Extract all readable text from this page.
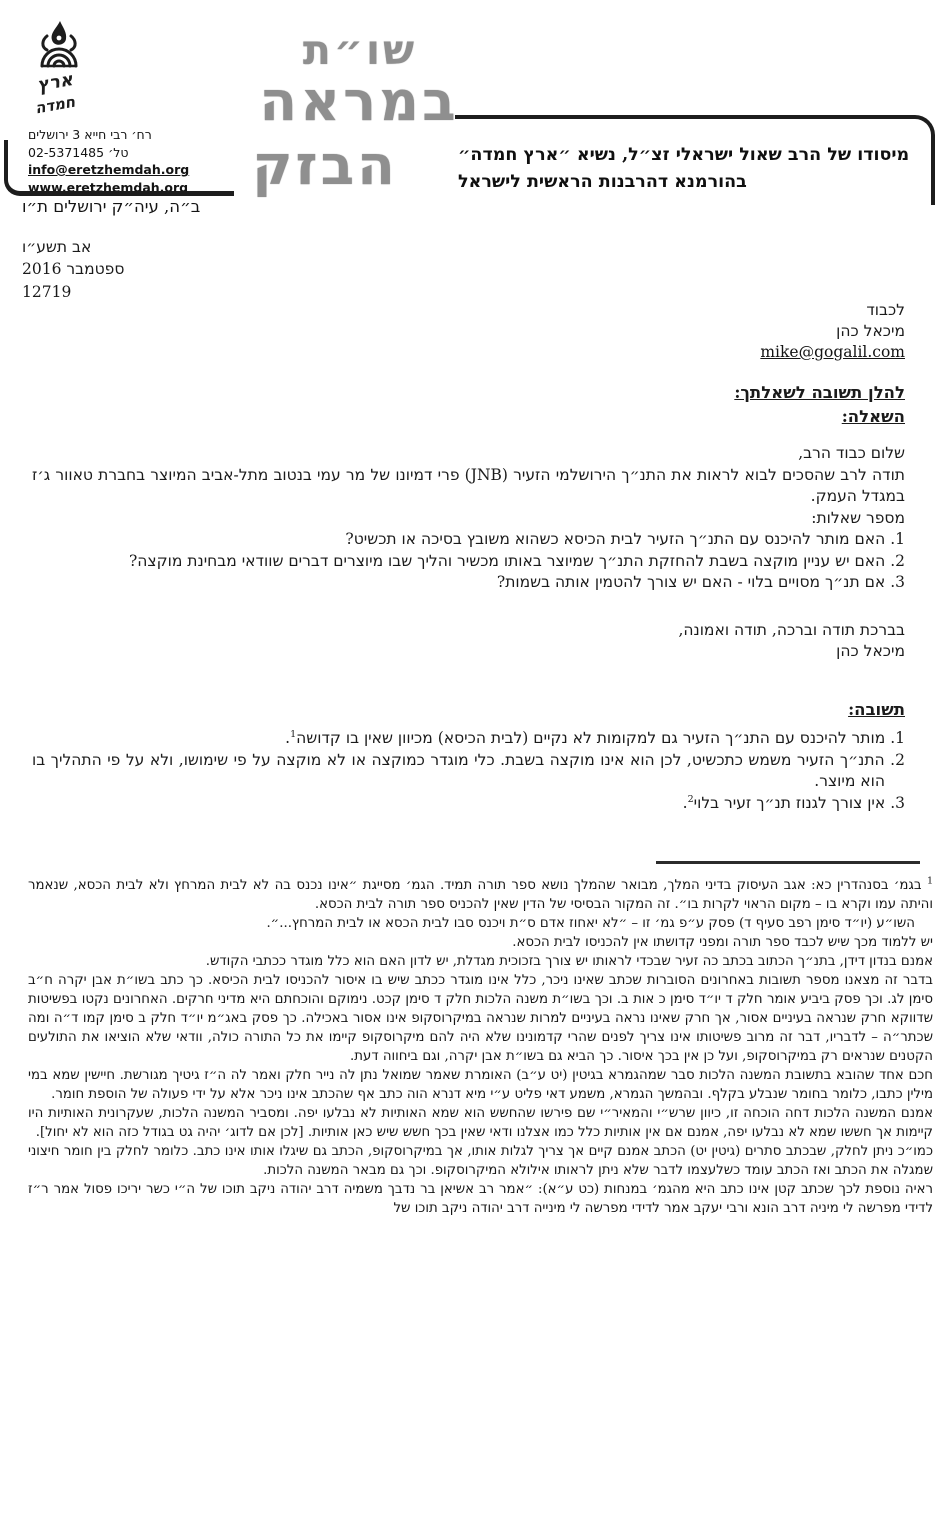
ארץ
חמדה
רח׳ רבי חייא 3 ירושלים
טל׳ 02-5371485
info@eretzhemdah.org
www.eretzhemdah.org
ב״ה, עיה״ק ירושלים ת״ו
שו״ת
במראה
הבזק	מיסודו של הרב שאול ישראלי זצ״ל, נשיא ״ארץ חמדה״
בהורמנא דהרבנות הראשית לישראל
אב תשע״ו
ספטמבר 2016
12719
לכבוד
מיכאל כהן
mike@gogalil.com
להלן תשובה לשאלתך:
השאלה:
שלום כבוד הרב,
תודה לרב שהסכים לבוא לראות את התנ״ך הירושלמי הזעיר (JNB) פרי דמיונו של מר עמי בנטוב מתל-אביב המיוצר בחברת טאוור ג׳ז במגדל העמק.
מספר שאלות:
1. האם מותר להיכנס עם התנ״ך הזעיר לבית הכיסא כשהוא משובץ בסיכה או תכשיט?
2. האם יש עניין מוקצה בשבת להחזקת התנ״ך שמיוצר באותו מכשיר והליך שבו מיוצרים דברים שוודאי מבחינת מוקצה?
3. אם תנ״ך מסויים בלוי - האם יש צורך להטמין אותה בשמות?
בברכת תודה וברכה, תודה ואמונה,
מיכאל כהן
תשובה:
1. מותר להיכנס עם התנ״ך הזעיר גם למקומות לא נקיים (לבית הכיסא) מכיוון שאין בו קדושה$^1$.
2. התנ״ך הזעיר משמש כתכשיט, לכן הוא אינו מוקצה בשבת. כלי מוגדר כמוקצה או לא מוקצה על פי שימושו, ולא על פי התהליך בו הוא מיוצר.
3. אין צורך לגנוז תנ״ך זעיר בלוי$^2$.

$^1$ בגמ׳ בסנהדרין כא: אגב העיסוק בדיני המלך, מבואר שהמלך נושא ספר תורה תמיד. הגמ׳ מסייגת ״אינו נכנס בה לא לבית המרחץ ולא לבית הכסא, שנאמר והיתה עמו וקרא בו – מקום הראוי לקרות בו״. זה המקור הבסיסי של הדין שאין להכניס ספר תורה לבית הכסא.

השו״ע (יו״ד סימן רפב סעיף ד) פסק ע״פ גמ׳ זו – ״לא יאחוז אדם ס״ת ויכנס סבו לבית הכסא או לבית המרחץ...״.

יש ללמוד מכך שיש לכבד ספר תורה ומפני קדושתו אין להכניסו לבית הכסא.

אמנם בנדון דידן, בתנ״ך הכתוב בכתב כה זעיר שבכדי לראותו יש צורך בזכוכית מגדלת, יש לדון האם הוא כלל מוגדר ככתבי הקודש.

בדבר זה מצאנו מספר תשובות באחרונים הסוברות שכתב שאינו ניכר, כלל אינו מוגדר ככתב שיש בו איסור להכניסו לבית הכיסא. כך כתב בשו״ת אבן יקרה ח״ב סימן לג. וכך פסק ביביע אומר חלק ד יו״ד סימן כ אות ב. וכך בשו״ת משנה הלכות חלק ד סימן קכט. נימוקם והוכחתם היא מדיני חרקים. האחרונים נקטו בפשיטות שדווקא חרק שנראה בעיניים אסור, אך חרק שאינו נראה בעיניים למרות שנראה במיקרוסקופ אינו אסור באכילה. כך פסק באג״מ יו״ד חלק ב סימן קמו ד״ה ומה שכתר״ה – לדבריו, דבר זה מרוב פשיטותו אינו צריך לפנים שהרי קדמונינו שלא היה להם מיקרוסקופ קיימו את כל התורה כולה, וודאי שלא הוציאו את התולעים הקטנים שנראים רק במיקרוסקופ, ועל כן אין בכך איסור. כך הביא גם בשו״ת אבן יקרה, וגם ביחווה דעת.

חכם אחד שהובא בתשובת המשנה הלכות סבר שמהגמרא בגיטין (יט ע״ב) האומרת שאמר שמואל נתן לה נייר חלק ואמר לה ה״ז גיטיך מגורשת. חיישין שמא במי מילין כתבו, כלומר בחומר שנבלע בקלף. ובהמשך הגמרא, משמע דאי פליט ע״י מיא דנרא הוה כתב אף שהכתב אינו ניכר אלא על ידי פעולה של הוספת חומר.

אמנם המשנה הלכות דחה הוכחה זו, כיוון שרש״י והמאיר״י שם פירשו שהחשש הוא שמא האותיות לא נבלעו יפה. ומסביר המשנה הלכות, שעקרונית האותיות היו קיימות אך חששו שמא לא נבלעו יפה, אמנם אם אין אותיות כלל כמו אצלנו ודאי שאין בכך חשש שיש כאן אותיות. [לכן אם לדוג׳ יהיה גט בגודל כזה הוא לא יחול].

כמו״כ ניתן לחלק, שבכתב סתרים (גיטין יט) הכתב אמנם קיים אך צריך לגלות אותו, אך במיקרוסקופ, הכתב גם שיגלו אותו אינו כתב. כלומר לחלק בין חומר חיצוני שמגלה את הכתב ואז הכתב עומד כשלעצמו לדבר שלא ניתן לראותו אילולא המיקרוסקופ. וכך גם מבאר המשנה הלכות.

ראיה נוספת לכך שכתב קטן אינו כתב היא מהגמ׳ במנחות (כט ע״א): ״אמר רב אשיאן בר נדבך משמיה דרב יהודה ניקב תוכו של ה״י כשר יריכו פסול אמר ר״ז לדידי מפרשה לי מיניה דרב הונא ורבי יעקב אמר לדידי מפרשה לי מינייה דרב יהודה ניקב תוכו של
